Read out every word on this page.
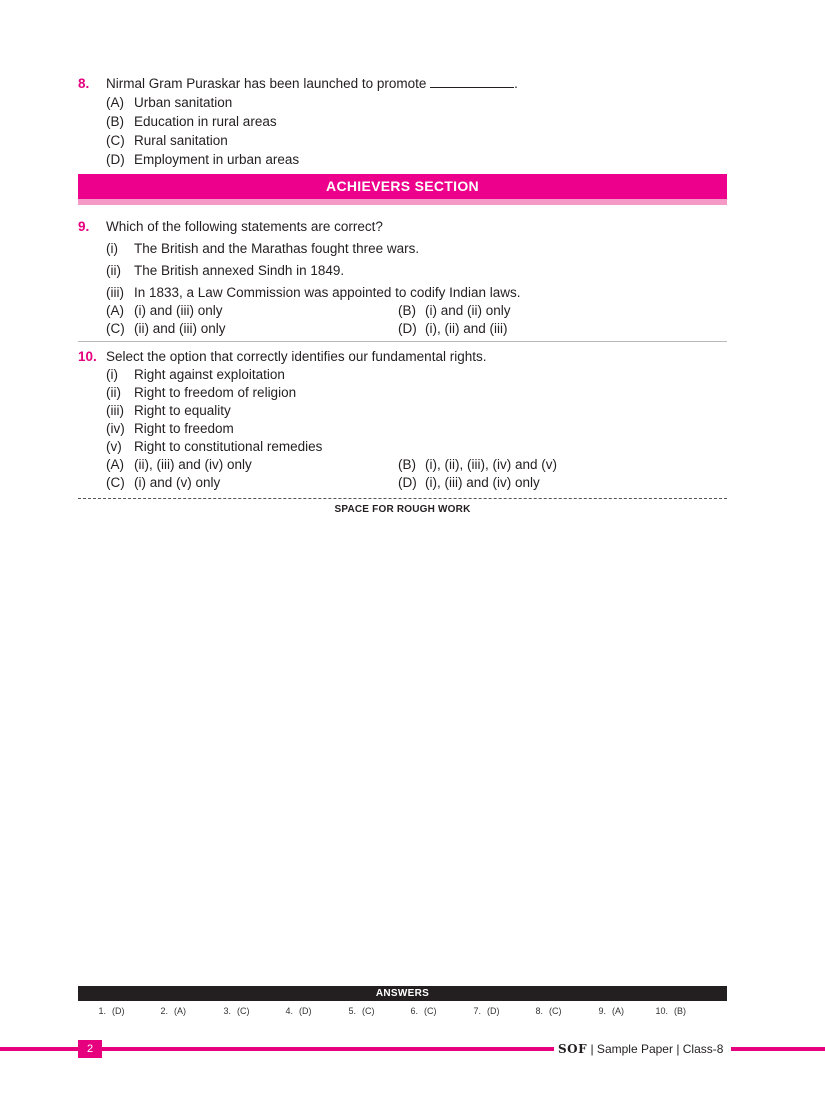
8. Nirmal Gram Puraskar has been launched to promote	.
(A) Urban sanitation
(B) Education in rural areas
(C) Rural sanitation
(D) Employment in urban areas
ACHIEVERS SECTION
9. Which of the following statements are correct?
(i) The British and the Marathas fought three wars.
(ii) The British annexed Sindh in 1849.
(iii) In 1833, a Law Commission was appointed to codify Indian laws.
(A) (i) and (iii) only	(B) (i) and (ii) only
(C) (ii) and (iii) only	(D) (i), (ii) and (iii)
10. Select the option that correctly identifies our fundamental rights.
(i) Right against exploitation
(ii) Right to freedom of religion
(iii) Right to equality
(iv) Right to freedom
(v) Right to constitutional remedies
(A) (ii), (iii) and (iv) only	(B) (i), (ii), (iii), (iv) and (v)
(C) (i) and (v) only	(D) (i), (iii) and (iv) only
SPACE FOR ROUGH WORK
ANSWERS
1. (D)	2. (A)	3. (C)	4. (D)	5. (C)	6. (C)	7. (D)	8. (C)	9. (A)	10. (B)
2	SOF | Sample Paper | Class-8
